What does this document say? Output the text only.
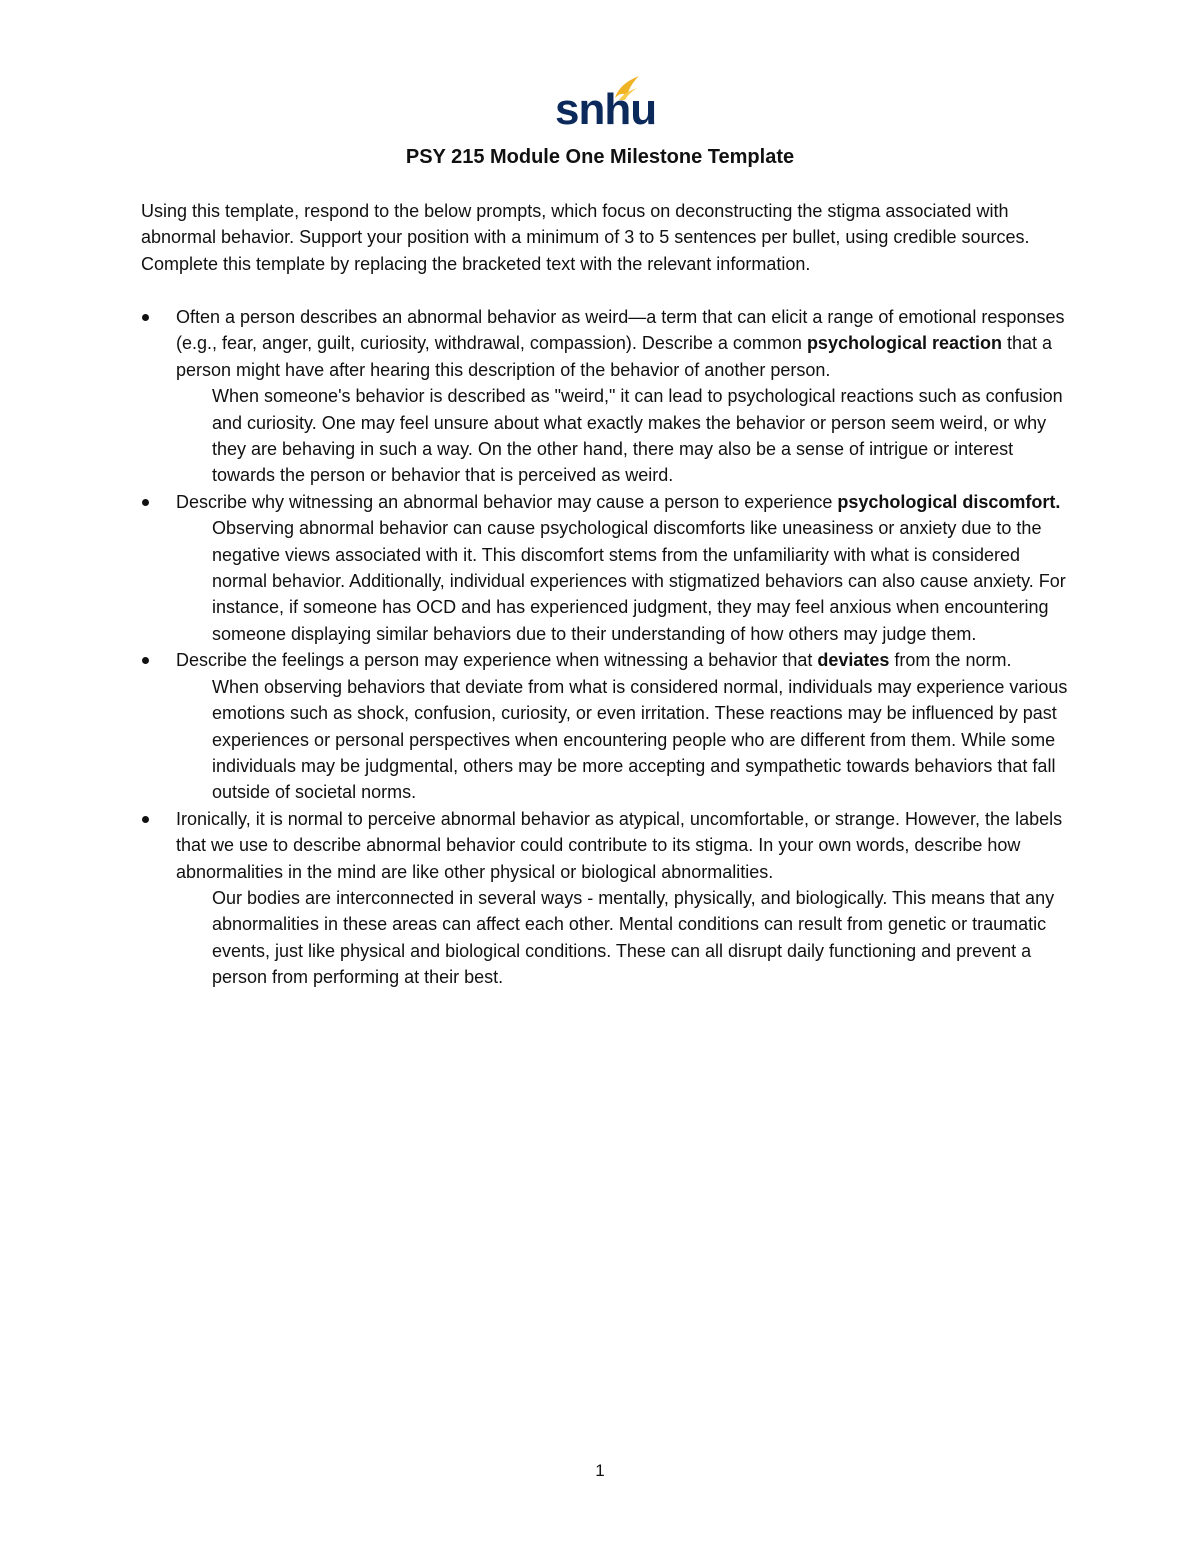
snhu
PSY 215 Module One Milestone Template

Using this template, respond to the below prompts, which focus on deconstructing the stigma associated with abnormal behavior. Support your position with a minimum of 3 to 5 sentences per bullet, using credible sources. Complete this template by replacing the bracketed text with the relevant information.

Often a person describes an abnormal behavior as weird—a term that can elicit a range of emotional responses (e.g., fear, anger, guilt, curiosity, withdrawal, compassion). Describe a common psychological reaction that a person might have after hearing this description of the behavior of another person.

When someone's behavior is described as "weird," it can lead to psychological reactions such as confusion and curiosity. One may feel unsure about what exactly makes the behavior or person seem weird, or why they are behaving in such a way. On the other hand, there may also be a sense of intrigue or interest towards the person or behavior that is perceived as weird.

Describe why witnessing an abnormal behavior may cause a person to experience psychological discomfort.

Observing abnormal behavior can cause psychological discomforts like uneasiness or anxiety due to the negative views associated with it. This discomfort stems from the unfamiliarity with what is considered normal behavior. Additionally, individual experiences with stigmatized behaviors can also cause anxiety. For instance, if someone has OCD and has experienced judgment, they may feel anxious when encountering someone displaying similar behaviors due to their understanding of how others may judge them.

Describe the feelings a person may experience when witnessing a behavior that deviates from the norm.

When observing behaviors that deviate from what is considered normal, individuals may experience various emotions such as shock, confusion, curiosity, or even irritation. These reactions may be influenced by past experiences or personal perspectives when encountering people who are different from them. While some individuals may be judgmental, others may be more accepting and sympathetic towards behaviors that fall outside of societal norms.

Ironically, it is normal to perceive abnormal behavior as atypical, uncomfortable, or strange. However, the labels that we use to describe abnormal behavior could contribute to its stigma. In your own words, describe how abnormalities in the mind are like other physical or biological abnormalities.

Our bodies are interconnected in several ways - mentally, physically, and biologically. This means that any abnormalities in these areas can affect each other. Mental conditions can result from genetic or traumatic events, just like physical and biological conditions. These can all disrupt daily functioning and prevent a person from performing at their best.

1
